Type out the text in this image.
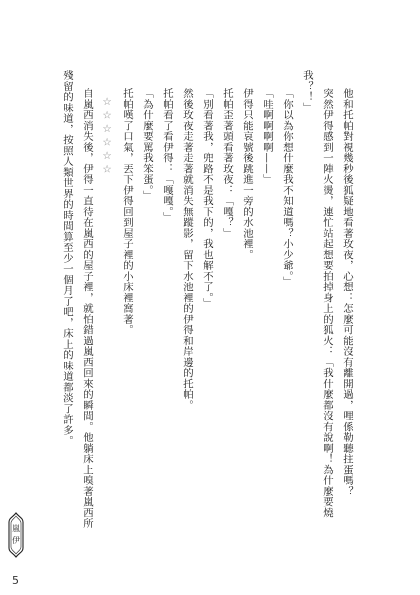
他和托帕對視幾秒後狐疑地看著玫夜，心想：怎麼可能沒有離開過，哩係勒聽拄蛋嗎？
突然伊得感到一陣火燙，連忙站起想要拍掉身上的狐火：「我什麼都沒有說啊！為什麼要燒
我？！」
「你以為你想什麼我不知道嗎？小少爺。」
「哇啊啊啊啊——」
伊得只能哀號後跳進一旁的水池裡。
托帕歪著頭看著玫夜：「嘎？」
「別看著我，兜路不是我下的，我也解不了。」
然後玫夜走著走著就消失無蹤影，留下水池裡的伊得和岸邊的托帕。
托帕看了看伊得：「嘎嘎。」
「為什麼要罵我笨蛋。」
托帕嘆了口氣，丟下伊得回到屋子裡的小床裡窩著。
☆☆☆☆☆☆
自嵐西消失後，伊得一直待在嵐西的屋子裡，就怕錯過嵐西回來的瞬間。他躺床上嗅著嵐西所
殘留的味道，按照人類世界的時間算至少一個月了吧，床上的味道都淡了許多。
嵐
伊
5
